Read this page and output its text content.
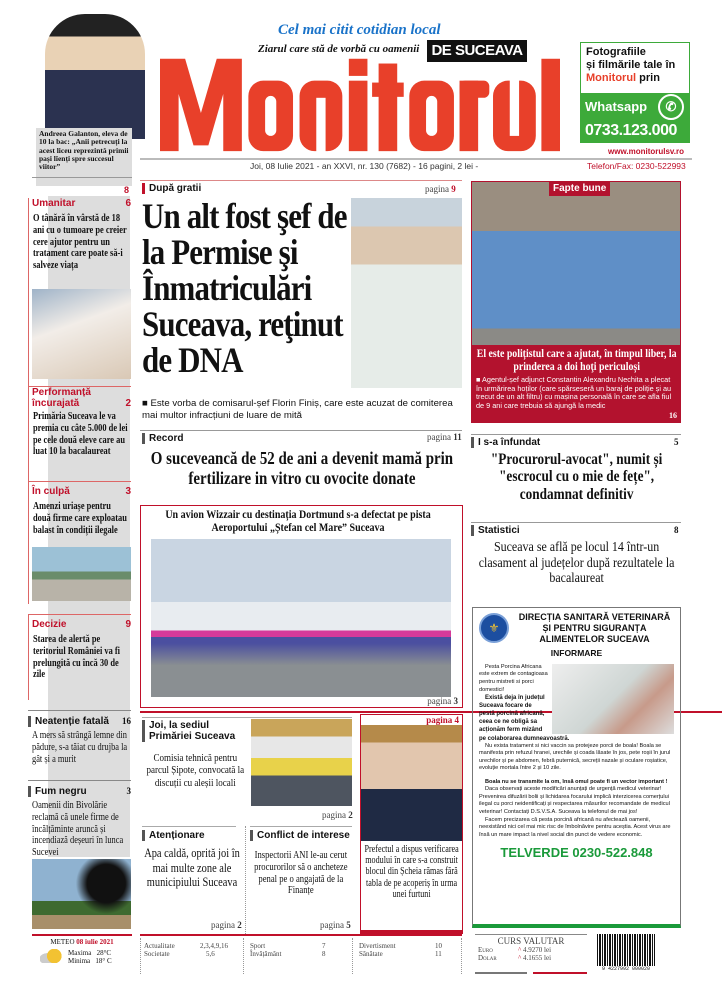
Andreea Galanton, eleva de 10 la bac: „Anii petrecuți la acest liceu reprezintă primii pași lîenți spre succesul viitor”
8
Cel mai citit cotidian local
Ziarul care stă de vorbă cu oamenii DE SUCEAVA	Fotografiile
și filmările tale în
Monitorul prin
Whatsapp	✆
0733.123.000
www.monitorulsv.ro
Joi, 08 Iulie 2021 - an XXVI, nr. 130 (7682) - 16 pagini, 2 lei -	Telefon/Fax: 0230-522993
Umanitar	6
O tânără în vârstă de 18 ani cu o tumoare pe creier cere ajutor pentru un tratament care poate să-i salveze viața
Performanță încurajată	2
Primăria Suceava le va premia cu câte 5.000 de lei pe cele două eleve care au luat 10 la bacalaureat
În culpă	3
Amenzi uriașe pentru două firme care exploatau balast în condiții ilegale
Decizie	9
Starea de alertă pe teritoriul României va fi prelungită cu încă 30 de zile
Neatenție fatală 16
A mers să strângă lemne din pădure, s-a tăiat cu drujba la gât și a murit
Fum negru	3
Oamenii din Bivolărie reclamă că unele firme de încălțăminte aruncă și incendiază deșeuri în lunca Sucevei
METEO 08 iulie 2021
Maxima 28°C
Minima 18° C
După gratii	pagina 9
Un alt fost şef de la Permise şi Înmatriculări Suceava, reţinut de DNA
■ Este vorba de comisarul-șef Florin Finiș, care este acuzat de comiterea mai multor infracțiuni de luare de mită
Record	pagina 11
O suceveancă de 52 de ani a devenit mamă prin fertilizare in vitro cu ovocite donate
Un avion Wizzair cu destinația Dortmund s-a defectat pe pista Aeroportului „Ștefan cel Mare” Suceava
pagina 3
Joi, la sediul Primăriei Suceava
Comisia tehnică pentru parcul Șipote, convocată la discuții cu aleșii locali
pagina 2
Atenționare
Apa caldă, oprită joi în mai multe zone ale municipiului Suceava
pagina 2
Conflict de interese
Inspectorii ANI le-au cerut procurorilor să o ancheteze penal pe o angajată de la Finanțe
pagina 5
pagina 4
Prefectul a dispus verificarea modului în care s-a construit blocul din Șcheia rămas fără tabla de pe acoperiș în urma unei furtuni
Fapte bune
El este polițistul care a ajutat, în timpul liber, la prinderea a doi hoţi periculoși
■ Agentul-șef adjunct Constantin Alexandru Nechita a plecat în urmărirea hoților (care spărseseră un baraj de poliție și au trecut de un alt filtru) cu mașina personală în care se afla fiul de 9 ani care trebuia să ajungă la medic
16
I s-a înfundat	5
"Procurorul-avocat", numit și "escrocul cu o mie de fețe", condamnat definitiv
Statistici	8
Suceava se află pe locul 14 într-un clasament al județelor după rezultatele la bacalaureat
⚜
DIRECȚIA SANITARĂ VETERINARĂ ȘI PENTRU SIGURANȚA ALIMENTELOR SUCEAVA
INFORMARE

Pesta Porcina Africana este extrem de contagioasa pentru mistreti si porci domestici!

Există deja în județul Suceava focare de pestă porcină africană, ceea ce ne obligă sa acționăm ferm mizând pe colaborarea dumneavoastră.

Nu exista tratament si nici vaccin sa protejeze porcii de boala! Boala se manifesta prin refuzul hranei, urechile și coada lăsate în jos, pete roșii în jurul urechilor și pe abdomen, febră puternică, secreții nazale și oculare roșiatice, evoluție mortala între 2 și 10 zile.

Boala nu se transmite la om, însă omul poate fi un vector important !

Daca observați aceste modificări anunțați de urgență medicul veterinar! Prevenirea difuzării bolii și lichidarea focarului implică interzicerea comerțului ilegal cu porci neidentificați și respectarea măsurilor recomandate de medicul veterinar! Contactați D.S.V.S.A. Suceava la telefonul de mai jos!

Facem precizarea că pesta porcină africană nu afectează oamenii, neexistând nici cel mai mic risc de îmbolnăvire pentru aceștia. Acest virus are însă un mare impact la nivel social din punct de vedere economic.

TELVERDE 0230-522.848
Actualitate	2,3,4,9,16
Societate	5,6
Sport	7
Învățământ	8
Divertisment	10
Sănătate	11
CURS VALUTAR
Euro	^ 4.9270 lei
Dolar	^ 4.1655 lei
9 4227992 000020
